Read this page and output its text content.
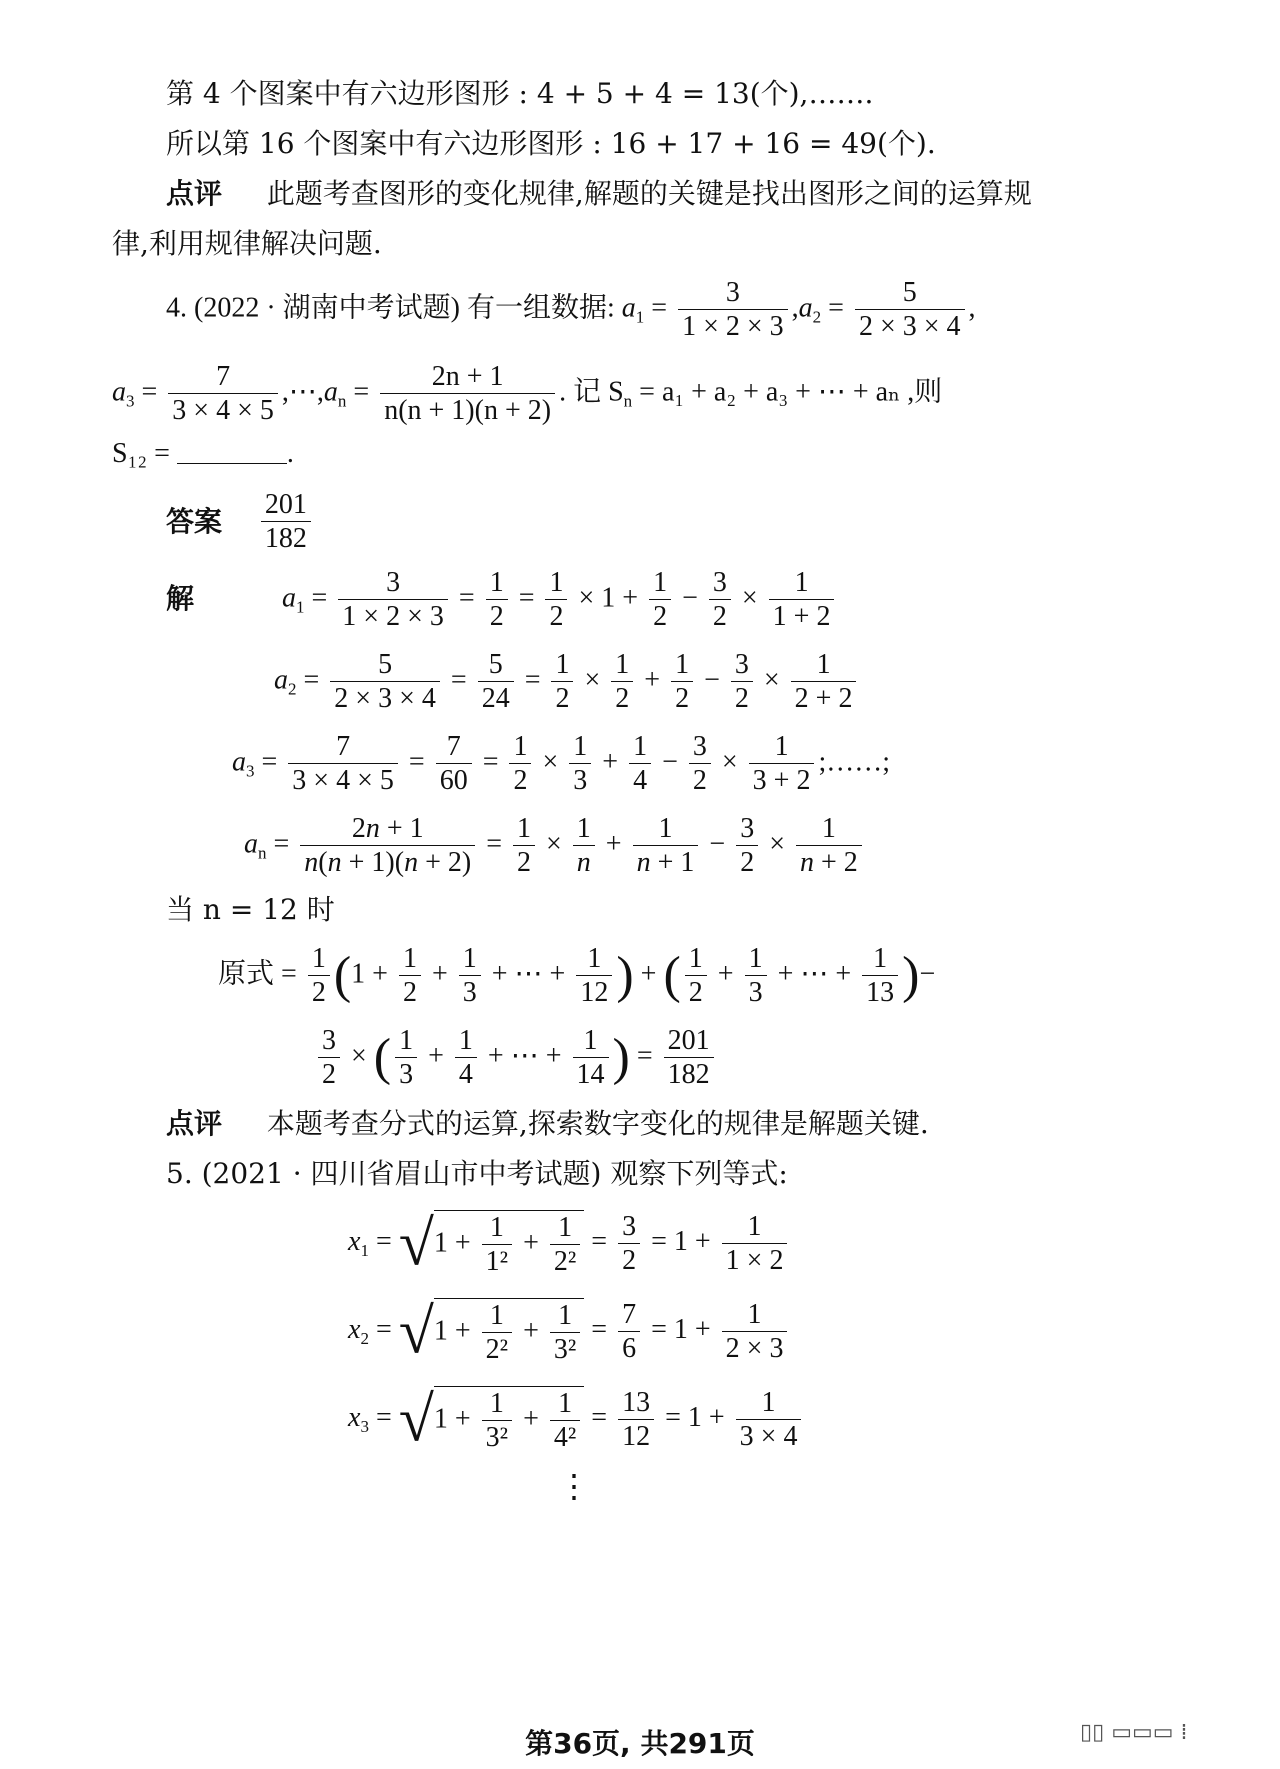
第 4 个图案中有六边形图形 : 4 + 5 + 4 = 13(个),…….
所以第 16 个图案中有六边形图形 : 16 + 17 + 16 = 49(个).
点评 此题考查图形的变化规律,解题的关键是找出图形之间的运算规
律,利用规律解决问题.
4. (2022 · 湖南中考试题) 有一组数据: $a_1 = \frac{3}{1 \times 2 \times 3} ,a_2 = \frac{5}{2 \times 3 \times 4}$ ,
$a_3 = \frac{7}{3 \times 4 \times 5}$ $,\cdots,a_n = \frac{2n + 1}{n(n + 1)(n + 2)}$ . 记 $S_n = a_1 + a_2 + a_3$ + ⋯ + aₙ ,则
S₁₂ =	.
答案 $\frac{201}{182}$
解	$a_1 = \frac{3}{1 \times 2 \times 3} = \frac{1}{2} = \frac{1}{2} \times 1 + \frac{1}{2} - \frac{3}{2} \times \frac{1}{1 + 2}$
$a_2 = \frac{5}{2 \times 3 \times 4} = \frac{5}{24} = \frac{1}{2} \times \frac{1}{2} + \frac{1}{2} - \frac{3}{2} \times \frac{1}{2 + 2}$
$a_3 = \frac{7}{3 \times 4 \times 5} = \frac{7}{60} = \frac{1}{2} \times \frac{1}{3} + \frac{1}{4} - \frac{3}{2} \times \frac{1}{3 + 2}$ ;……;
$a_n = \frac{2n + 1}{n(n + 1)(n + 2)} = \frac{1}{2} \times \frac{1}{n} + \frac{1}{n + 1} - \frac{3}{2} \times \frac{1}{n + 2}$
当 n = 12 时
原式 = $\frac{1}{2} (1 + \frac{1}{2} + \frac{1}{3}$ + ⋯ + $\frac{1}{12}$ ) + ( $\frac{1}{2} + \frac{1}{3}$ + ⋯ + $\frac{1}{13}$ )−
$\frac{3}{2}$ × ( $\frac{1}{3} + \frac{1}{4}$ + ⋯ + $\frac{1}{14}$ ) = $\frac{201}{182}$
点评 本题考查分式的运算,探索数字变化的规律是解题关键.
5. (2021 · 四川省眉山市中考试题) 观察下列等式:
$x_1 = √1 + \frac{1}{\text{1²}} + \frac{1}{\text{2²}} = \frac{3}{2} = 1 + \frac{1}{1 \times 2}$
$x_2 = √1 + \frac{1}{\text{2²}} + \frac{1}{\text{3²}} = \frac{7}{6} = 1 + \frac{1}{2 \times 3}$
$x_3 = √1 + \frac{1}{\text{3²}} + \frac{1}{\text{4²}} = \frac{13}{12} = 1 + \frac{1}{3 \times 4}$
⋮
第36页, 共291页	▯▯ ▭▭▭ ⁞
